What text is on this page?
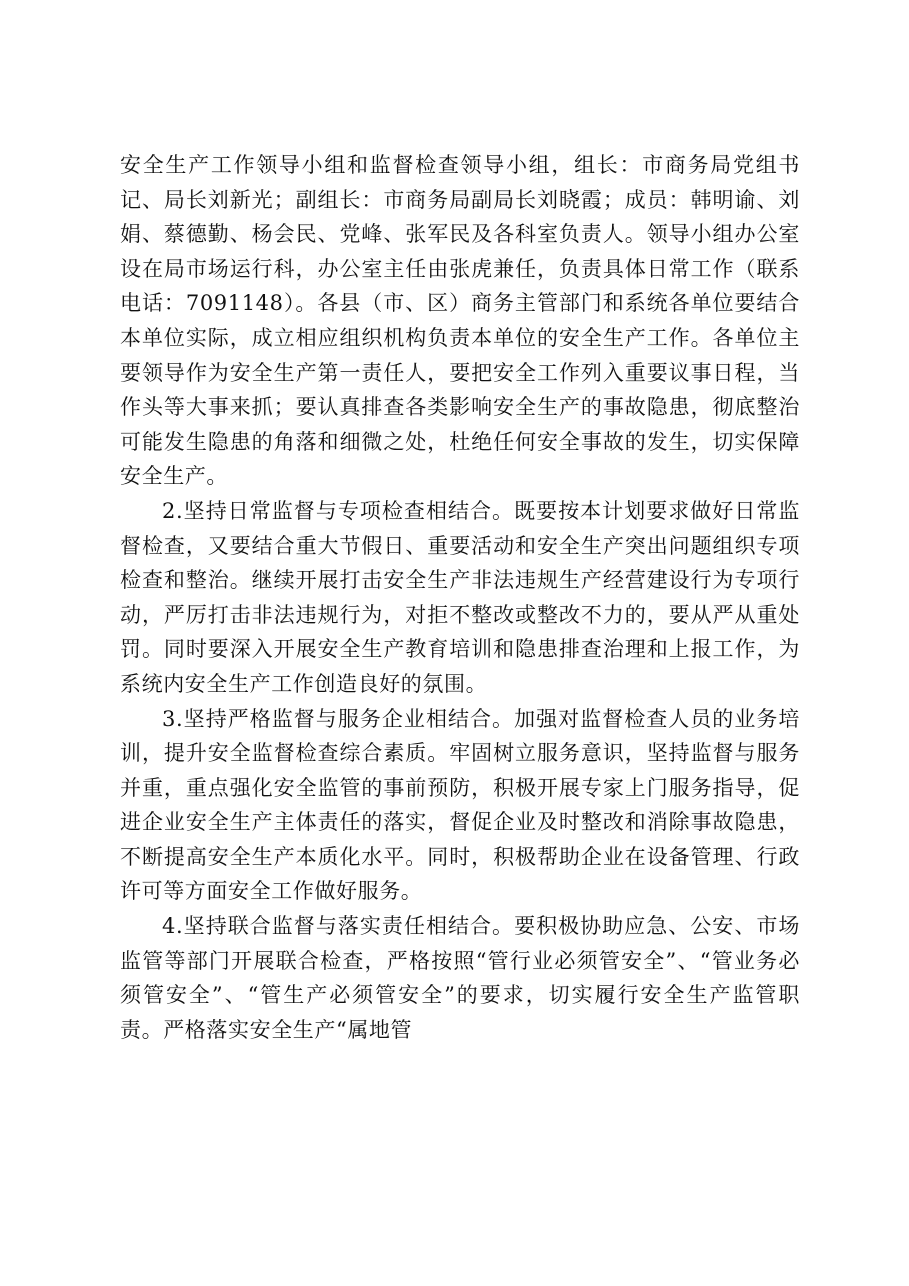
安全生产工作领导小组和监督检查领导小组，组长：市商务局党组书记、局长刘新光；副组长：市商务局副局长刘晓霞；成员：韩明谕、刘娟、蔡德勤、杨会民、党峰、张军民及各科室负责人。领导小组办公室设在局市场运行科，办公室主任由张虎兼任，负责具体日常工作（联系电话：7091148）。各县（市、区）商务主管部门和系统各单位要结合本单位实际，成立相应组织机构负责本单位的安全生产工作。各单位主要领导作为安全生产第一责任人，要把安全工作列入重要议事日程，当作头等大事来抓；要认真排查各类影响安全生产的事故隐患，彻底整治可能发生隐患的角落和细微之处，杜绝任何安全事故的发生，切实保障安全生产。

2.坚持日常监督与专项检查相结合。既要按本计划要求做好日常监督检查，又要结合重大节假日、重要活动和安全生产突出问题组织专项检查和整治。继续开展打击安全生产非法违规生产经营建设行为专项行动，严厉打击非法违规行为，对拒不整改或整改不力的，要从严从重处罚。同时要深入开展安全生产教育培训和隐患排查治理和上报工作，为系统内安全生产工作创造良好的氛围。

3.坚持严格监督与服务企业相结合。加强对监督检查人员的业务培训，提升安全监督检查综合素质。牢固树立服务意识，坚持监督与服务并重，重点强化安全监管的事前预防，积极开展专家上门服务指导，促进企业安全生产主体责任的落实，督促企业及时整改和消除事故隐患，不断提高安全生产本质化水平。同时，积极帮助企业在设备管理、行政许可等方面安全工作做好服务。

4.坚持联合监督与落实责任相结合。要积极协助应急、公安、市场监管等部门开展联合检查，严格按照“管行业必须管安全”、“管业务必须管安全”、“管生产必须管安全”的要求，切实履行安全生产监管职责。严格落实安全生产“属地管
